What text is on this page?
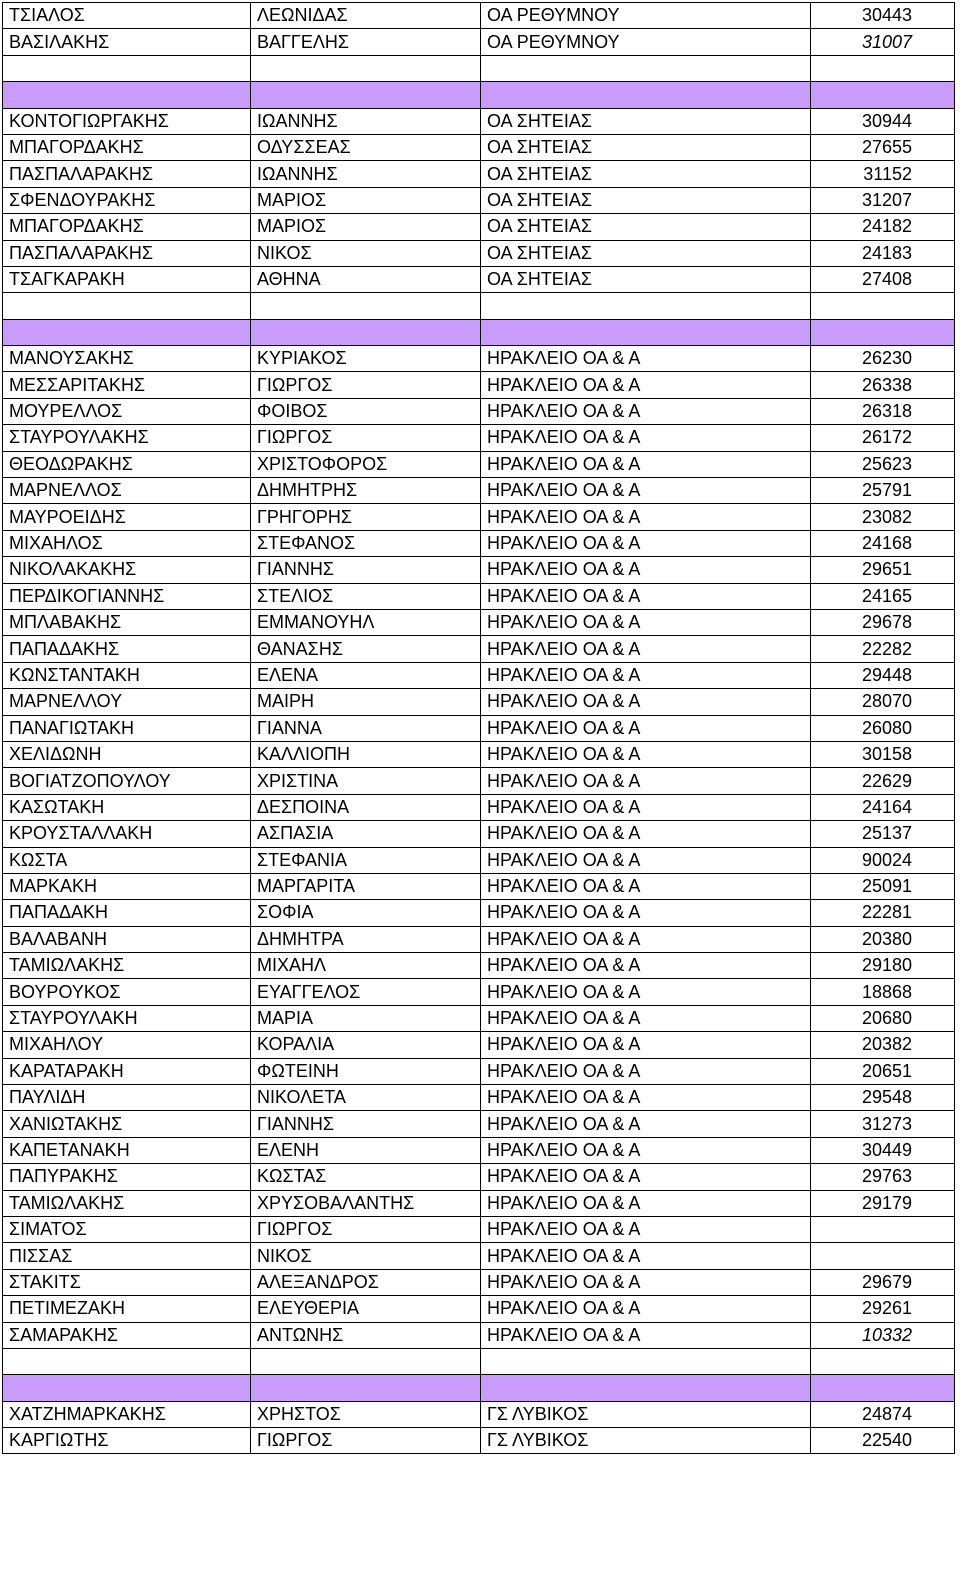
ΤΣΙΑΛΟΣ	ΛΕΩΝΙΔΑΣ	ΟΑ ΡΕΘΥΜΝΟΥ	30443
ΒΑΣΙΛΑΚΗΣ	ΒΑΓΓΕΛΗΣ	ΟΑ ΡΕΘΥΜΝΟΥ	31007

ΚΟΝΤΟΓΙΩΡΓΑΚΗΣ	ΙΩΑΝΝΗΣ	ΟΑ ΣΗΤΕΙΑΣ	30944
ΜΠΑΓΟΡΔΑΚΗΣ	ΟΔΥΣΣΕΑΣ	ΟΑ ΣΗΤΕΙΑΣ	27655
ΠΑΣΠΑΛΑΡΑΚΗΣ	ΙΩΑΝΝΗΣ	ΟΑ ΣΗΤΕΙΑΣ	31152
ΣΦΕΝΔΟΥΡΑΚΗΣ	ΜΑΡΙΟΣ	ΟΑ ΣΗΤΕΙΑΣ	31207
ΜΠΑΓΟΡΔΑΚΗΣ	ΜΑΡΙΟΣ	ΟΑ ΣΗΤΕΙΑΣ	24182
ΠΑΣΠΑΛΑΡΑΚΗΣ	ΝΙΚΟΣ	ΟΑ ΣΗΤΕΙΑΣ	24183
ΤΣΑΓΚΑΡΑΚΗ	ΑΘΗΝΑ	ΟΑ ΣΗΤΕΙΑΣ	27408

ΜΑΝΟΥΣΑΚΗΣ	ΚΥΡΙΑΚΟΣ	ΗΡΑΚΛΕΙΟ ΟΑ & Α	26230
ΜΕΣΣΑΡΙΤΑΚΗΣ	ΓΙΩΡΓΟΣ	ΗΡΑΚΛΕΙΟ ΟΑ & Α	26338
ΜΟΥΡΕΛΛΟΣ	ΦΟΙΒΟΣ	ΗΡΑΚΛΕΙΟ ΟΑ & Α	26318
ΣΤΑΥΡΟΥΛΑΚΗΣ	ΓΙΩΡΓΟΣ	ΗΡΑΚΛΕΙΟ ΟΑ & Α	26172
ΘΕΟΔΩΡΑΚΗΣ	ΧΡΙΣΤΟΦΟΡΟΣ	ΗΡΑΚΛΕΙΟ ΟΑ & Α	25623
ΜΑΡΝΕΛΛΟΣ	ΔΗΜΗΤΡΗΣ	ΗΡΑΚΛΕΙΟ ΟΑ & Α	25791
ΜΑΥΡΟΕΙΔΗΣ	ΓΡΗΓΟΡΗΣ	ΗΡΑΚΛΕΙΟ ΟΑ & Α	23082
ΜΙΧΑΗΛΟΣ	ΣΤΕΦΑΝΟΣ	ΗΡΑΚΛΕΙΟ ΟΑ & Α	24168
ΝΙΚΟΛΑΚΑΚΗΣ	ΓΙΑΝΝΗΣ	ΗΡΑΚΛΕΙΟ ΟΑ & Α	29651
ΠΕΡΔΙΚΟΓΙΑΝΝΗΣ	ΣΤΕΛΙΟΣ	ΗΡΑΚΛΕΙΟ ΟΑ & Α	24165
ΜΠΛΑΒΑΚΗΣ	ΕΜΜΑΝΟΥΗΛ	ΗΡΑΚΛΕΙΟ ΟΑ & Α	29678
ΠΑΠΑΔΑΚΗΣ	ΘΑΝΑΣΗΣ	ΗΡΑΚΛΕΙΟ ΟΑ & Α	22282
ΚΩΝΣΤΑΝΤΑΚΗ	ΕΛΕΝΑ	ΗΡΑΚΛΕΙΟ ΟΑ & Α	29448
ΜΑΡΝΕΛΛΟΥ	ΜΑΙΡΗ	ΗΡΑΚΛΕΙΟ ΟΑ & Α	28070
ΠΑΝΑΓΙΩΤΑΚΗ	ΓΙΑΝΝΑ	ΗΡΑΚΛΕΙΟ ΟΑ & Α	26080
ΧΕΛΙΔΩΝΗ	ΚΑΛΛΙΟΠΗ	ΗΡΑΚΛΕΙΟ ΟΑ & Α	30158
ΒΟΓΙΑΤΖΟΠΟΥΛΟΥ	ΧΡΙΣΤΙΝΑ	ΗΡΑΚΛΕΙΟ ΟΑ & Α	22629
ΚΑΣΩΤΑΚΗ	ΔΕΣΠΟΙΝΑ	ΗΡΑΚΛΕΙΟ ΟΑ & Α	24164
ΚΡΟΥΣΤΑΛΛΑΚΗ	ΑΣΠΑΣΙΑ	ΗΡΑΚΛΕΙΟ ΟΑ & Α	25137
ΚΩΣΤΑ	ΣΤΕΦΑΝΙΑ	ΗΡΑΚΛΕΙΟ ΟΑ & Α	90024
ΜΑΡΚΑΚΗ	ΜΑΡΓΑΡΙΤΑ	ΗΡΑΚΛΕΙΟ ΟΑ & Α	25091
ΠΑΠΑΔΑΚΗ	ΣΟΦΙΑ	ΗΡΑΚΛΕΙΟ ΟΑ & Α	22281
ΒΑΛΑΒΑΝΗ	ΔΗΜΗΤΡΑ	ΗΡΑΚΛΕΙΟ ΟΑ & Α	20380
ΤΑΜΙΩΛΑΚΗΣ	ΜΙΧΑΗΛ	ΗΡΑΚΛΕΙΟ ΟΑ & Α	29180
ΒΟΥΡΟΥΚΟΣ	ΕΥΑΓΓΕΛΟΣ	ΗΡΑΚΛΕΙΟ ΟΑ & Α	18868
ΣΤΑΥΡΟΥΛΑΚΗ	ΜΑΡΙΑ	ΗΡΑΚΛΕΙΟ ΟΑ & Α	20680
ΜΙΧΑΗΛΟΥ	ΚΟΡΑΛΙΑ	ΗΡΑΚΛΕΙΟ ΟΑ & Α	20382
ΚΑΡΑΤΑΡΑΚΗ	ΦΩΤΕΙΝΗ	ΗΡΑΚΛΕΙΟ ΟΑ & Α	20651
ΠΑΥΛΙΔΗ	ΝΙΚΟΛΕΤΑ	ΗΡΑΚΛΕΙΟ ΟΑ & Α	29548
ΧΑΝΙΩΤΑΚΗΣ	ΓΙΑΝΝΗΣ	ΗΡΑΚΛΕΙΟ ΟΑ & Α	31273
ΚΑΠΕΤΑΝΑΚΗ	ΕΛΕΝΗ	ΗΡΑΚΛΕΙΟ ΟΑ & Α	30449
ΠΑΠΥΡΑΚΗΣ	ΚΩΣΤΑΣ	ΗΡΑΚΛΕΙΟ ΟΑ & Α	29763
ΤΑΜΙΩΛΑΚΗΣ	ΧΡΥΣΟΒΑΛΑΝΤΗΣ	ΗΡΑΚΛΕΙΟ ΟΑ & Α	29179
ΣΙΜΑΤΟΣ	ΓΙΩΡΓΟΣ	ΗΡΑΚΛΕΙΟ ΟΑ & Α	
ΠΙΣΣΑΣ	ΝΙΚΟΣ	ΗΡΑΚΛΕΙΟ ΟΑ & Α	
ΣΤΑΚΙΤΣ	ΑΛΕΞΑΝΔΡΟΣ	ΗΡΑΚΛΕΙΟ ΟΑ & Α	29679
ΠΕΤΙΜΕΖΑΚΗ	ΕΛΕΥΘΕΡΙΑ	ΗΡΑΚΛΕΙΟ ΟΑ & Α	29261
ΣΑΜΑΡΑΚΗΣ	ΑΝΤΩΝΗΣ	ΗΡΑΚΛΕΙΟ ΟΑ & Α	10332

ΧΑΤΖΗΜΑΡΚΑΚΗΣ	ΧΡΗΣΤΟΣ	ΓΣ ΛΥΒΙΚΟΣ	24874
ΚΑΡΓΙΩΤΗΣ	ΓΙΩΡΓΟΣ	ΓΣ ΛΥΒΙΚΟΣ	22540
